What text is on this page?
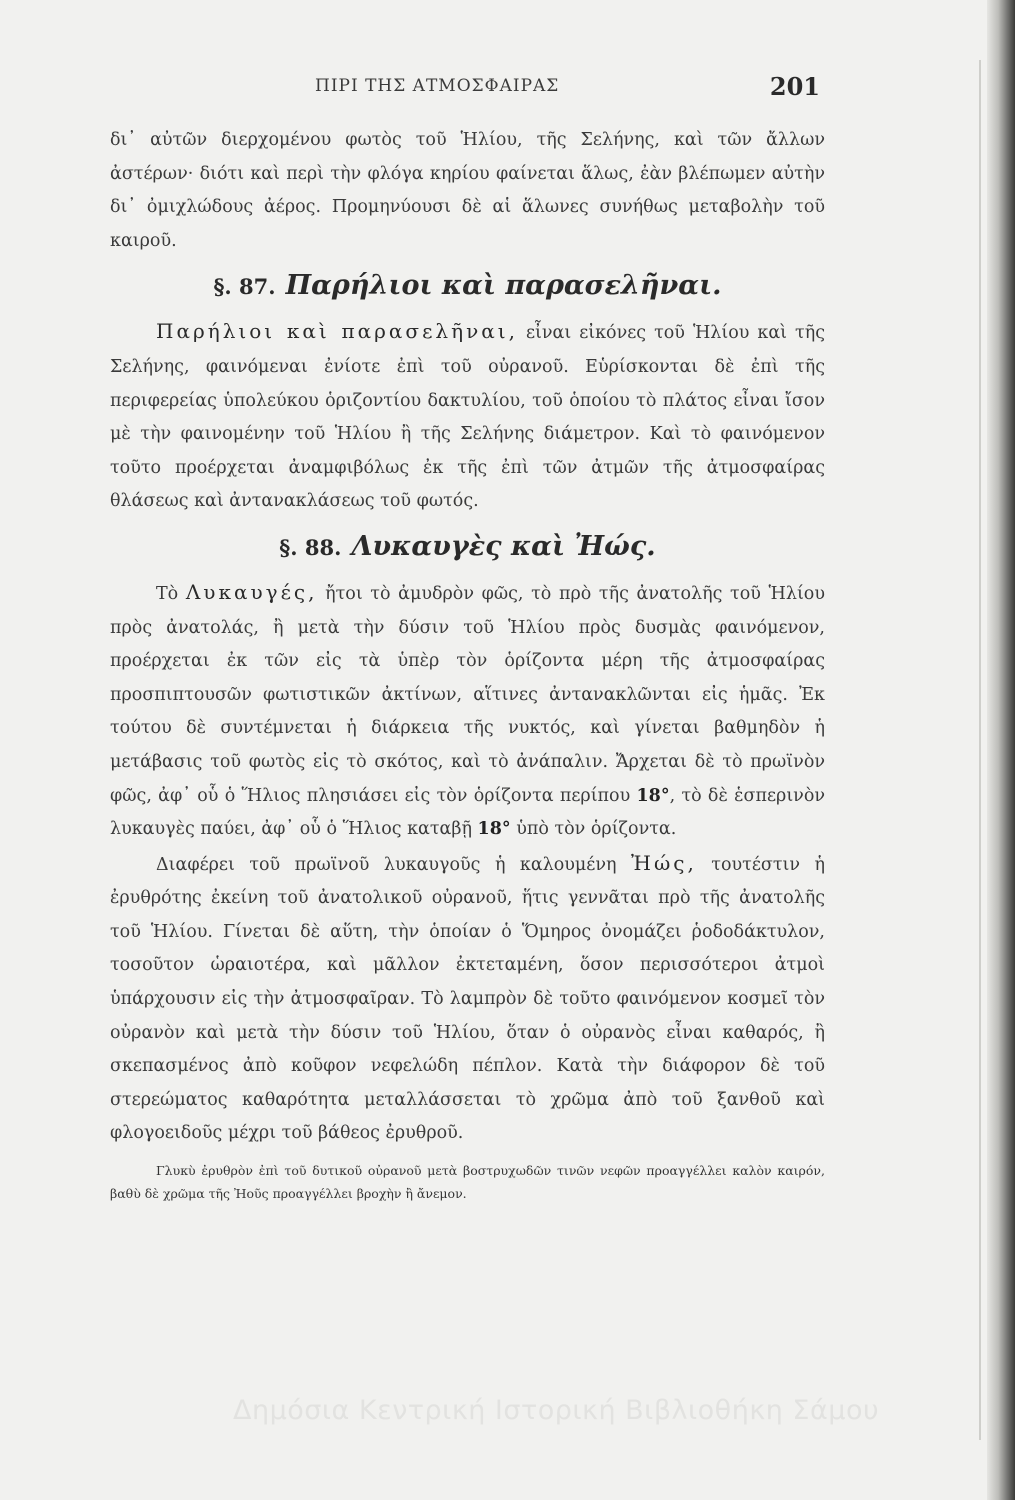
ΠΙΡΙ ΤΗΣ ΑΤΜΟΣΦΑΙΡΑΣ	201

δι᾽ αὐτῶν διερχομένου φωτὸς τοῦ Ἡλίου, τῆς Σελήνης, καὶ τῶν ἄλλων ἀστέρων· διότι καὶ περὶ τὴν φλόγα κηρίου φαίνεται ἅλως, ἐὰν βλέπωμεν αὐτὴν δι᾽ ὀμιχλώδους ἀέρος. Προμηνύουσι δὲ αἱ ἅλωνες συνήθως μεταβολὴν τοῦ καιροῦ.

§. 87. Παρήλιοι καὶ παρασελῆναι.

Παρήλιοι καὶ παρασελῆναι, εἶναι εἰκόνες τοῦ Ἡλίου καὶ τῆς Σελήνης, φαινόμεναι ἐνίοτε ἐπὶ τοῦ οὐρανοῦ. Εὑρίσκονται δὲ ἐπὶ τῆς περιφερείας ὑπολεύκου ὁριζοντίου δακτυλίου, τοῦ ὁποίου τὸ πλάτος εἶναι ἴσον μὲ τὴν φαινομένην τοῦ Ἡλίου ἢ τῆς Σελήνης διάμετρον. Καὶ τὸ φαινόμενον τοῦτο προέρχεται ἀναμφιβόλως ἐκ τῆς ἐπὶ τῶν ἀτμῶν τῆς ἀτμοσφαίρας θλάσεως καὶ ἀντανακλάσεως τοῦ φωτός.

§. 88. Λυκαυγὲς καὶ Ἠώς.

Τὸ Λυκαυγές, ἤτοι τὸ ἀμυδρὸν φῶς, τὸ πρὸ τῆς ἀνατολῆς τοῦ Ἡλίου πρὸς ἀνατολάς, ἢ μετὰ τὴν δύσιν τοῦ Ἡλίου πρὸς δυσμὰς φαινόμενον, προέρχεται ἐκ τῶν εἰς τὰ ὑπὲρ τὸν ὁρίζοντα μέρη τῆς ἀτμοσφαίρας προσπιπτουσῶν φωτιστικῶν ἀκτίνων, αἵτινες ἀντανακλῶνται εἰς ἡμᾶς. Ἐκ τούτου δὲ συντέμνεται ἡ διάρκεια τῆς νυκτός, καὶ γίνεται βαθμηδὸν ἡ μετάβασις τοῦ φωτὸς εἰς τὸ σκότος, καὶ τὸ ἀνάπαλιν. Ἄρχεται δὲ τὸ πρωϊνὸν φῶς, ἀφ᾽ οὗ ὁ Ἥλιος πλησιάσει εἰς τὸν ὁρίζοντα περίπου 18°, τὸ δὲ ἑσπερινὸν λυκαυγὲς παύει, ἀφ᾽ οὗ ὁ Ἥλιος καταβῇ 18° ὑπὸ τὸν ὁρίζοντα.

Διαφέρει τοῦ πρωϊνοῦ λυκαυγοῦς ἡ καλουμένη Ἠώς, τουτέστιν ἡ ἐρυθρότης ἐκείνη τοῦ ἀνατολικοῦ οὐρανοῦ, ἥτις γεννᾶται πρὸ τῆς ἀνατολῆς τοῦ Ἡλίου. Γίνεται δὲ αὕτη, τὴν ὁποίαν ὁ Ὅμηρος ὀνομάζει ῥοδοδάκτυλον, τοσοῦτον ὡραιοτέρα, καὶ μᾶλλον ἐκτεταμένη, ὅσον περισσότεροι ἀτμοὶ ὑπάρχουσιν εἰς τὴν ἀτμοσφαῖραν. Τὸ λαμπρὸν δὲ τοῦτο φαινόμενον κοσμεῖ τὸν οὐρανὸν καὶ μετὰ τὴν δύσιν τοῦ Ἡλίου, ὅταν ὁ οὐρανὸς εἶναι καθαρός, ἢ σκεπασμένος ἀπὸ κοῦφον νεφελώδη πέπλον. Κατὰ τὴν διάφορον δὲ τοῦ στερεώματος καθαρότητα μεταλλάσσεται τὸ χρῶμα ἀπὸ τοῦ ξανθοῦ καὶ φλογοειδοῦς μέχρι τοῦ βάθεος ἐρυθροῦ.

Γλυκὺ ἐρυθρὸν ἐπὶ τοῦ δυτικοῦ οὐρανοῦ μετὰ βοστρυχωδῶν τινῶν νεφῶν προαγγέλλει καλὸν καιρόν, βαθὺ δὲ χρῶμα τῆς Ἠοῦς προαγγέλλει βροχὴν ἢ ἄνεμον.

Δημόσια Κεντρική Ιστορική Βιβλιοθήκη Σάμου
